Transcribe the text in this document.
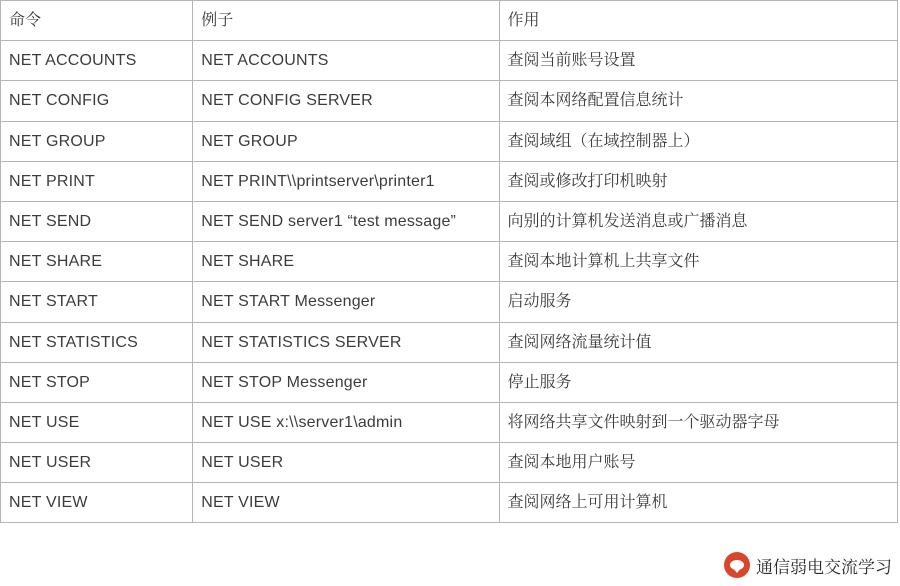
命令	例子	作用
NET ACCOUNTS	NET ACCOUNTS	查阅当前账号设置
NET CONFIG	NET CONFIG SERVER	查阅本网络配置信息统计
NET GROUP	NET GROUP	查阅域组（在域控制器上）
NET PRINT	NET PRINT\\printserver\printer1	查阅或修改打印机映射
NET SEND	NET SEND server1 “test message”	向别的计算机发送消息或广播消息
NET SHARE	NET SHARE	查阅本地计算机上共享文件
NET START	NET START Messenger	启动服务
NET STATISTICS	NET STATISTICS SERVER	查阅网络流量统计值
NET STOP	NET STOP Messenger	停止服务
NET USE	NET USE x:\\server1\admin	将网络共享文件映射到一个驱动器字母
NET USER	NET USER	查阅本地用户账号
NET VIEW	NET VIEW	查阅网络上可用计算机
通信弱电交流学习
